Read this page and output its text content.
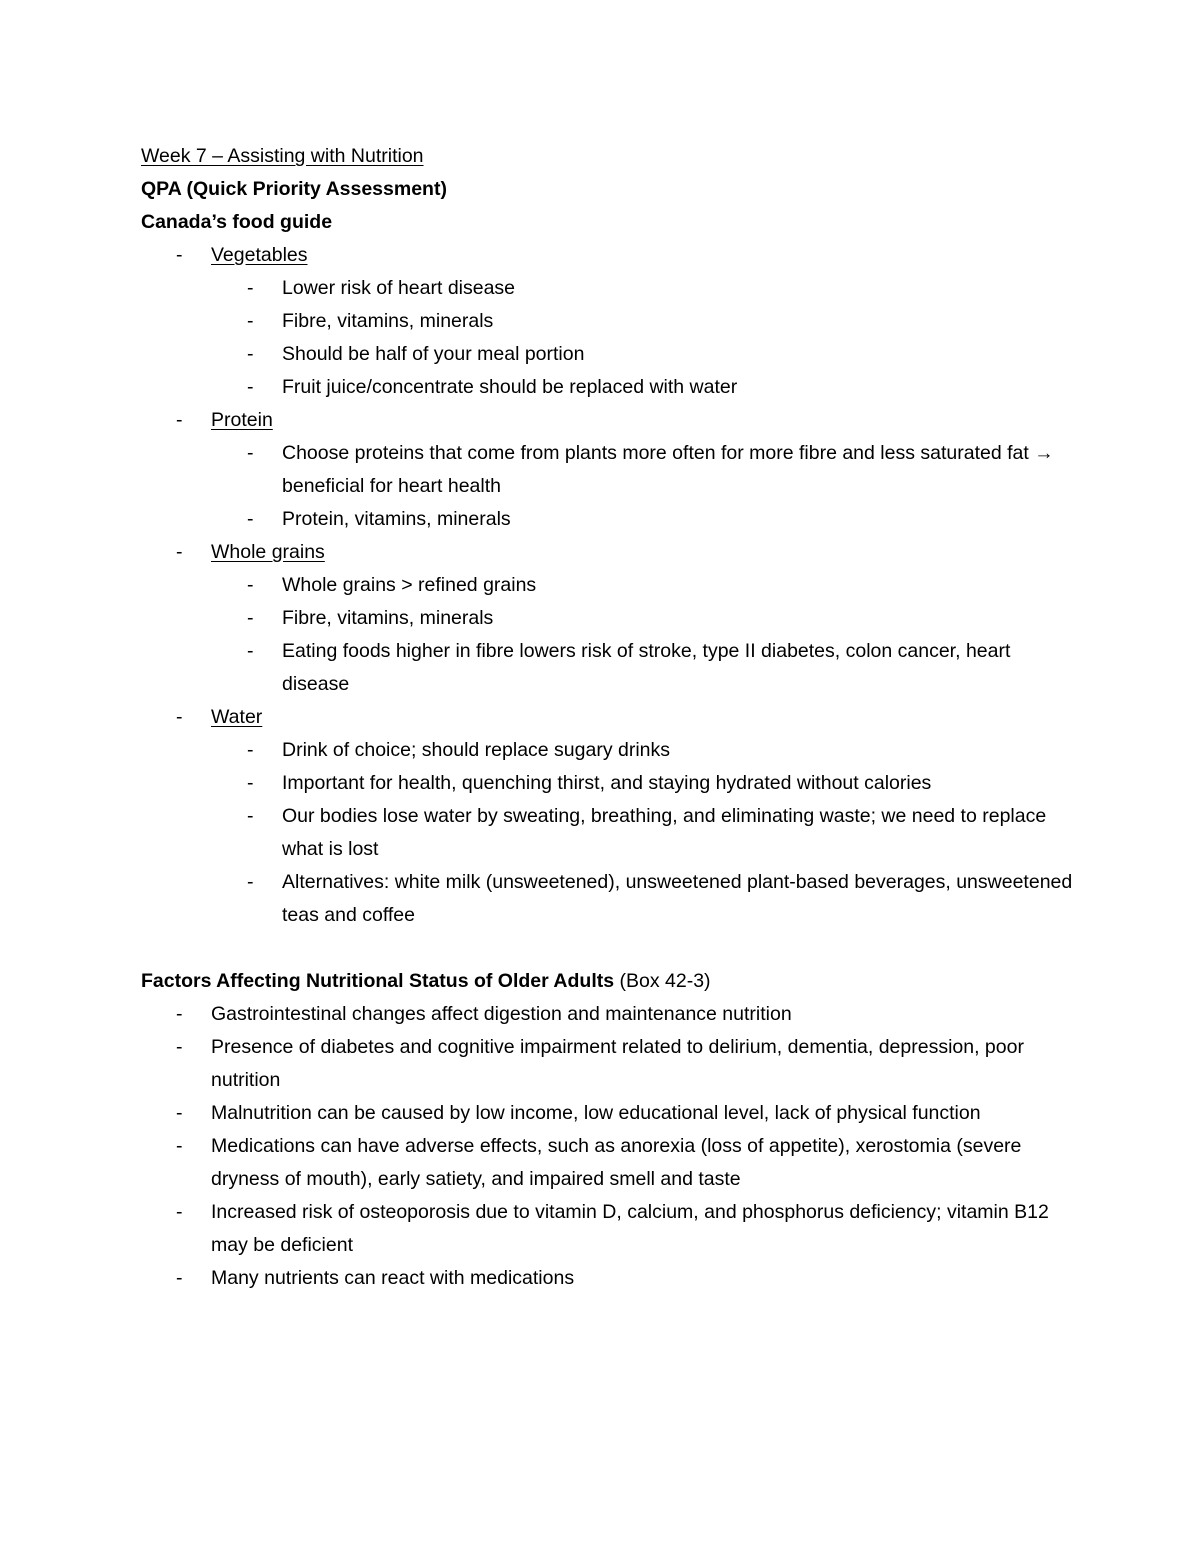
Week 7 – Assisting with Nutrition

QPA (Quick Priority Assessment)

Canada’s food guide

- Vegetables
- Lower risk of heart disease
- Fibre, vitamins, minerals
- Should be half of your meal portion
- Fruit juice/concentrate should be replaced with water
- Protein
- Choose proteins that come from plants more often for more fibre and less saturated fat → beneficial for heart health
- Protein, vitamins, minerals
- Whole grains
- Whole grains > refined grains
- Fibre, vitamins, minerals
- Eating foods higher in fibre lowers risk of stroke, type II diabetes, colon cancer, heart disease
- Water
- Drink of choice; should replace sugary drinks
- Important for health, quenching thirst, and staying hydrated without calories
- Our bodies lose water by sweating, breathing, and eliminating waste; we need to replace what is lost
- Alternatives: white milk (unsweetened), unsweetened plant-based beverages, unsweetened teas and coffee

Factors Affecting Nutritional Status of Older Adults (Box 42-3)

- Gastrointestinal changes affect digestion and maintenance nutrition
- Presence of diabetes and cognitive impairment related to delirium, dementia, depression, poor nutrition
- Malnutrition can be caused by low income, low educational level, lack of physical function
- Medications can have adverse effects, such as anorexia (loss of appetite), xerostomia (severe dryness of mouth), early satiety, and impaired smell and taste
- Increased risk of osteoporosis due to vitamin D, calcium, and phosphorus deficiency; vitamin B12 may be deficient
- Many nutrients can react with medications
